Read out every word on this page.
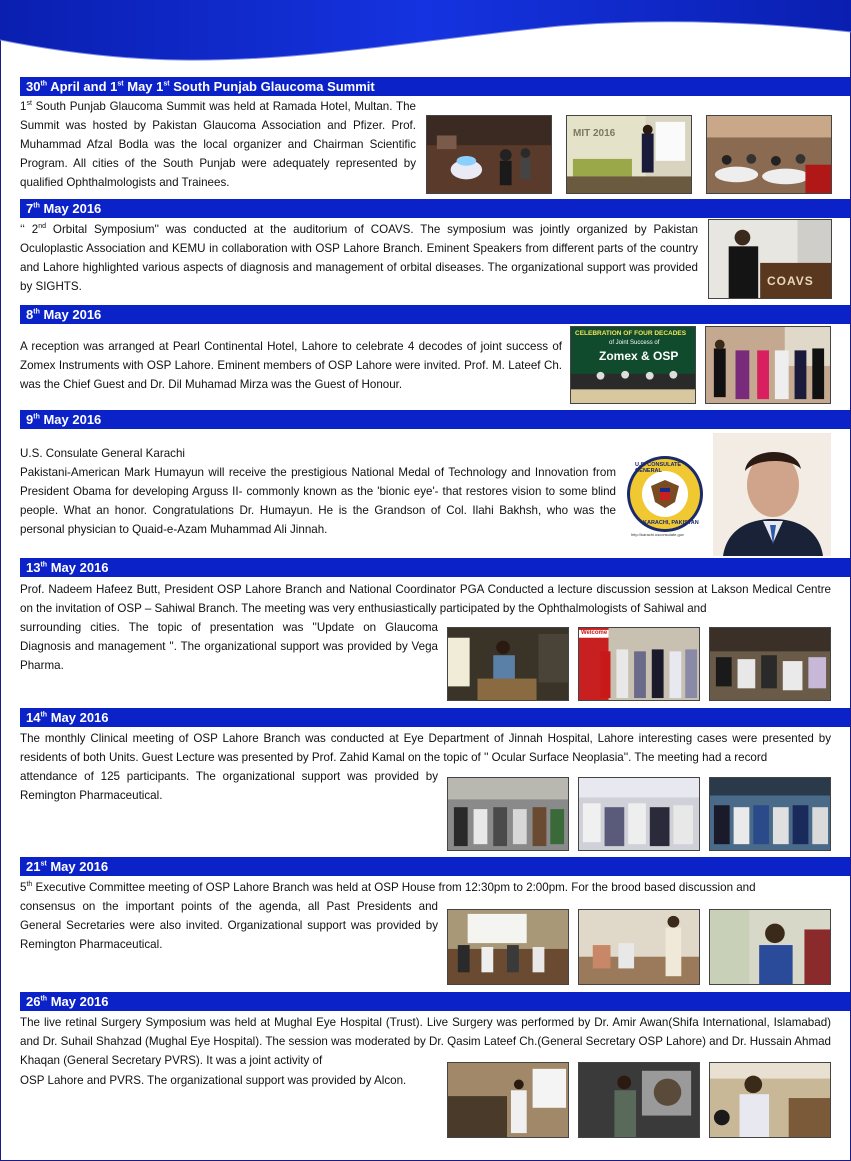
30th April and 1st May 1st South Punjab Glaucoma Summit

1st South Punjab Glaucoma Summit was held at Ramada Hotel, Multan. The Summit was hosted by Pakistan Glaucoma Association and Pfizer. Prof. Muhammad Afzal Bodla was the local organizer and Chairman Scientific Program. All cities of the South Punjab were adequately represented by qualified Ophthalmologists and Trainees.

MIT 2016
7th May 2016

‘‘ 2nd Orbital Symposium'' was conducted at the auditorium of COAVS. The symposium was jointly organized by Pakistan Oculoplastic Association and KEMU in collaboration with OSP Lahore Branch. Eminent Speakers from different parts of the country and Lahore highlighted various aspects of diagnosis and management of orbital diseases. The organizational support was provided by SIGHTS.	COAVS
8th May 2016

A reception was arranged at Pearl Continental Hotel, Lahore to celebrate 4 decodes of joint success of Zomex Instruments with OSP Lahore. Eminent members of OSP Lahore were invited. Prof. M. Lateef Ch. was the Chief Guest and Dr. Dil Muhamad Mirza was the Guest of Honour.

CELEBRATION OF FOUR DECADES
of Joint Success of
Zomex & OSP
9th May 2016

U.S. Consulate General Karachi

Pakistani-American Mark Humayun will receive the prestigious National Medal of Technology and Innovation from President Obama for developing Arguss II- commonly known as the 'bionic eye'- that restores vision to some blind people. What an honor. Congratulations Dr. Humayun. He is the Grandson of Col. Ilahi Bakhsh, who was the personal physician to Quaid-e-Azam Muhammad Ali Jinnah.

U.S. CONSULATE GENERAL
KARACHI, PAKISTAN
http://karachi.usconsulate.gov
13th May 2016

Prof. Nadeem Hafeez Butt, President OSP Lahore Branch and National Coordinator PGA Conducted a lecture discussion session at Lakson Medical Centre on the invitation of OSP – Sahiwal Branch. The meeting was very enthusiastically participated by the Ophthalmologists of Sahiwal and

surrounding cities. The topic of presentation was ''Update on Glaucoma Diagnosis and management ''. The organizational support was provided by Vega Pharma.

Welcome
14th May 2016

The monthly Clinical meeting of OSP Lahore Branch was conducted at Eye Department of Jinnah Hospital, Lahore interesting cases were presented by residents of both Units. Guest Lecture was presented by Prof. Zahid Kamal on the topic of '' Ocular Surface Neoplasia''. The meeting had a record

attendance of 125 participants. The organizational support was provided by Remington Pharmaceutical.

21st May 2016

5th Executive Committee meeting of OSP Lahore Branch was held at OSP House from 12:30pm to 2:00pm. For the brood based discussion and

consensus on the important points of the agenda, all Past Presidents and General Secretaries were also invited. Organizational support was provided by Remington Pharmaceutical.

26th May 2016

The live retinal Surgery Symposium was held at Mughal Eye Hospital (Trust). Live Surgery was performed by Dr. Amir Awan(Shifa International, Islamabad) and Dr. Suhail Shahzad (Mughal Eye Hospital). The session was moderated by Dr. Qasim Lateef Ch.(General Secretary OSP Lahore) and Dr. Hussain Ahmad Khaqan (General Secretary PVRS). It was a joint activity of

OSP Lahore and PVRS. The organizational support was provided by Alcon.
